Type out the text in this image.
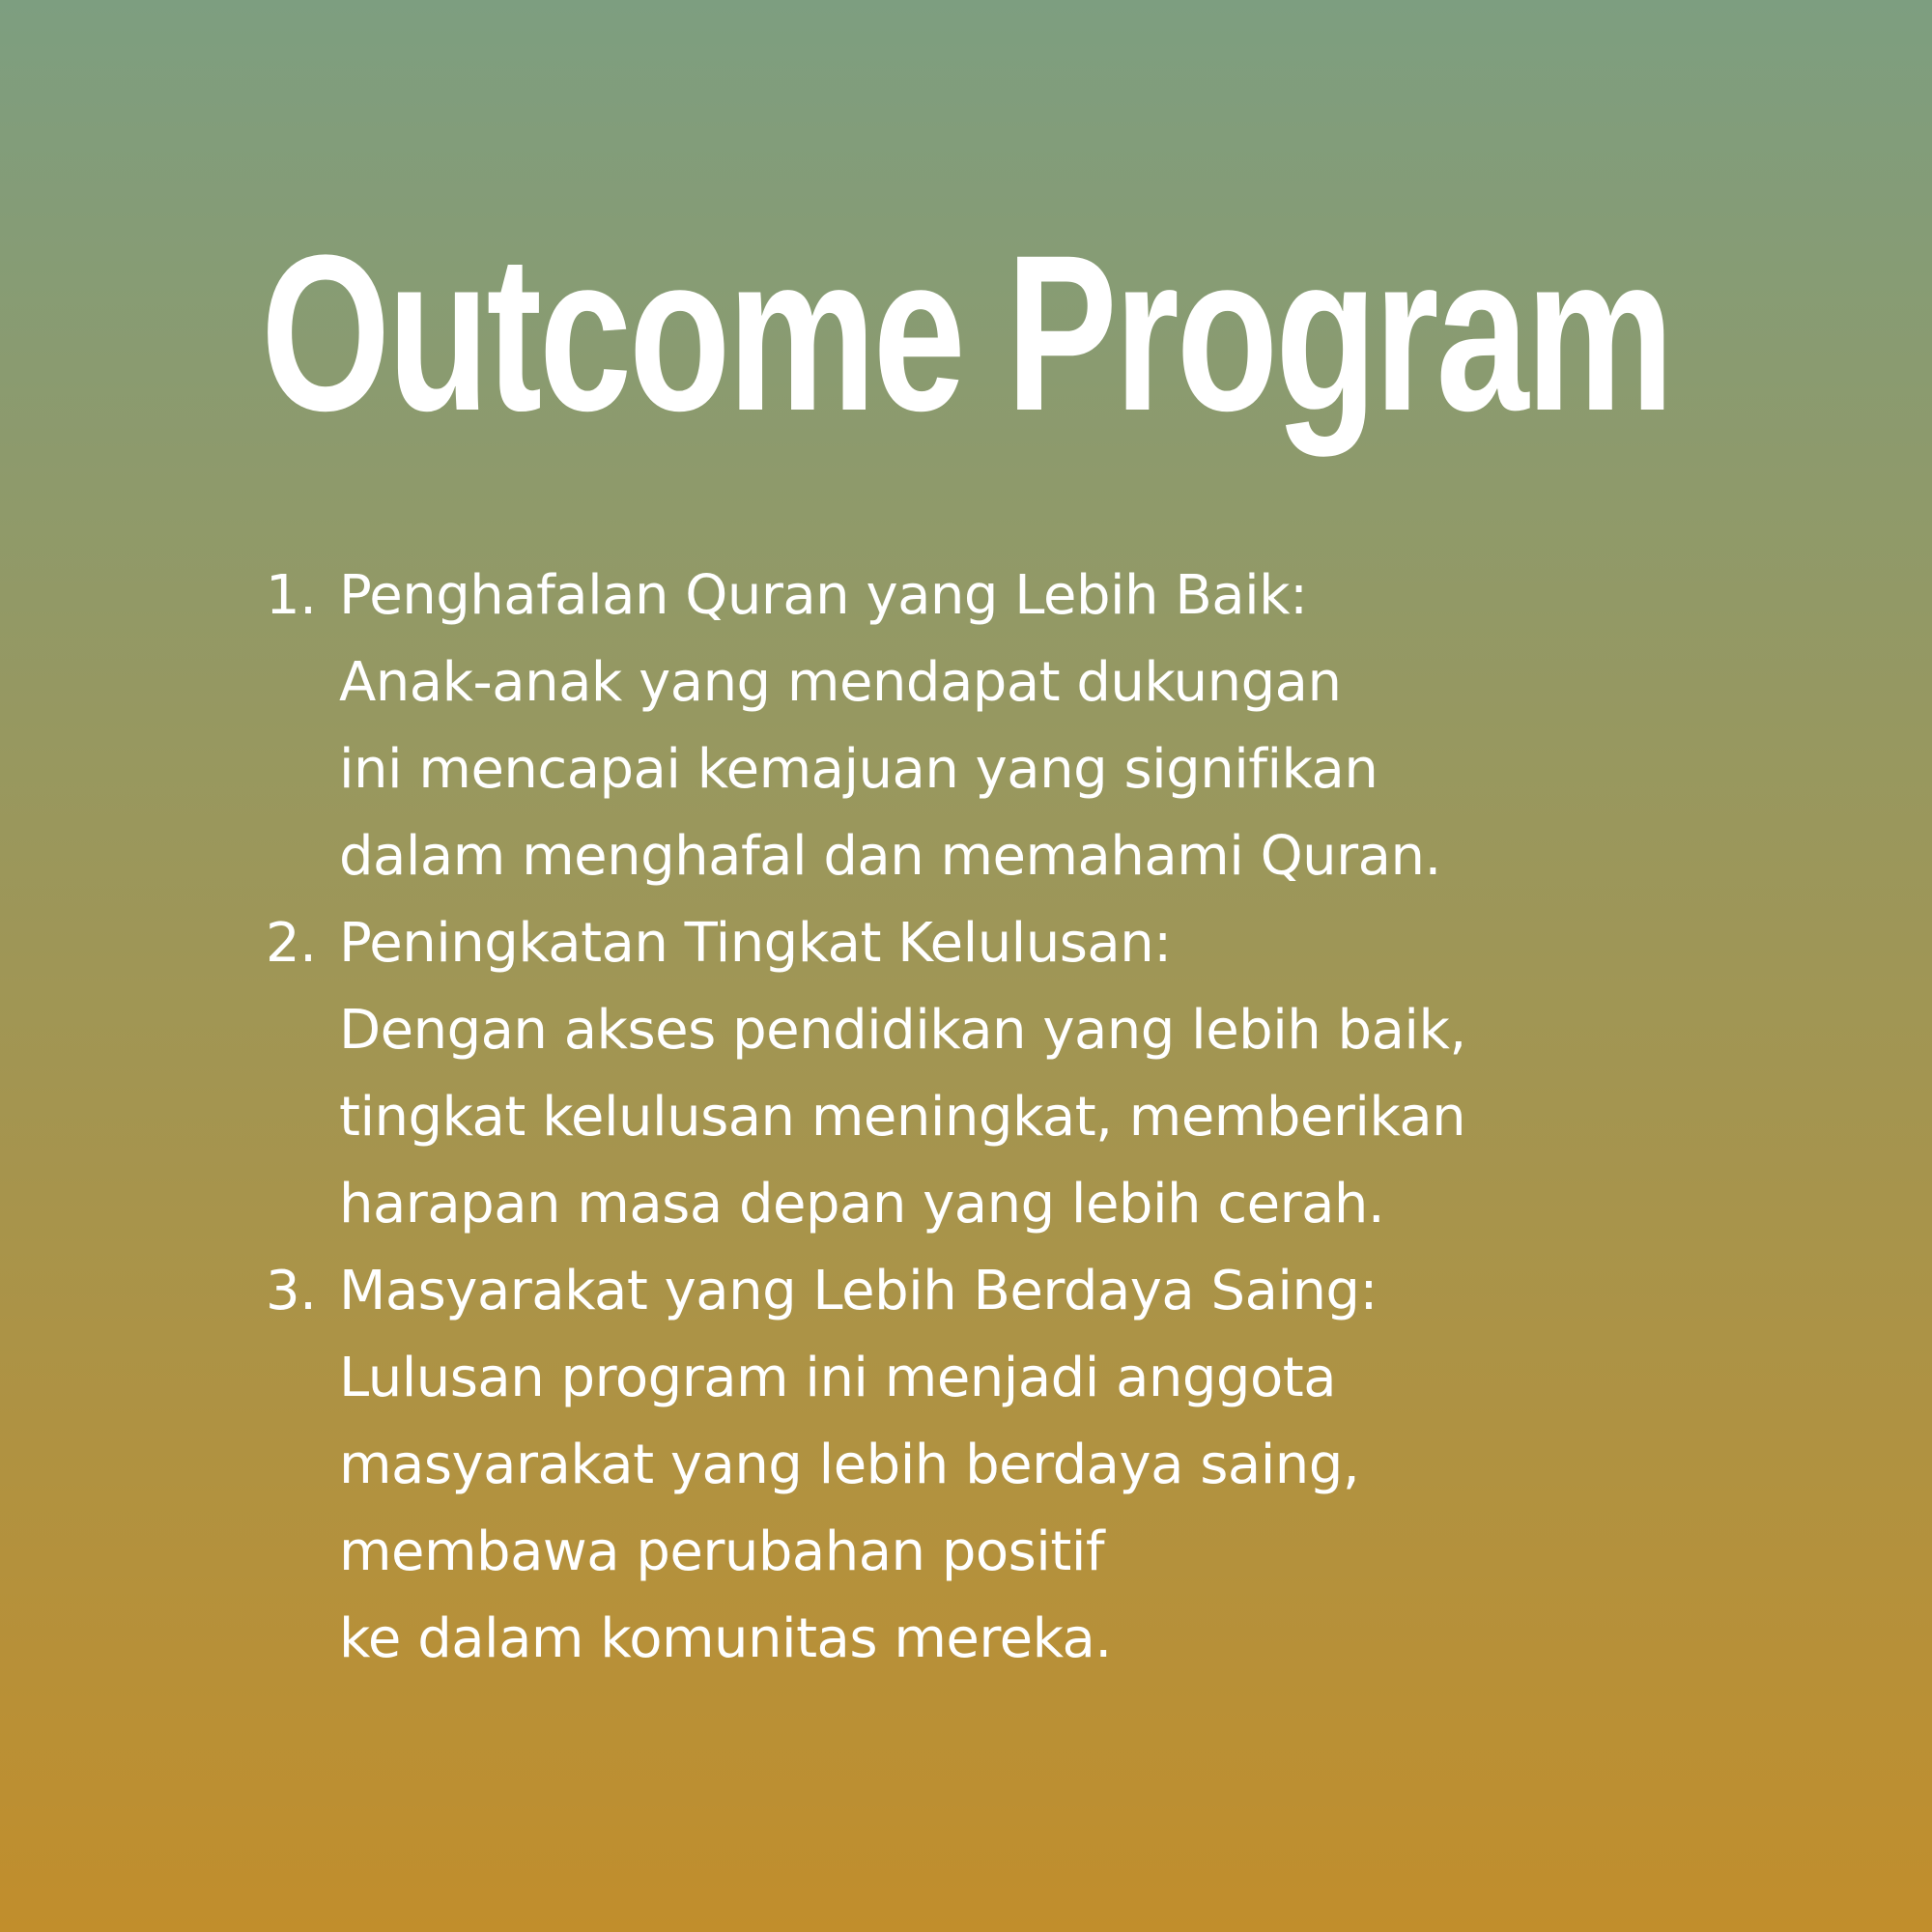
Outcome Program
1. Penghafalan Quran yang Lebih Baik:
Anak-anak yang mendapat dukungan
ini mencapai kemajuan yang signifikan
dalam menghafal dan memahami Quran.
2. Peningkatan Tingkat Kelulusan:
Dengan akses pendidikan yang lebih baik,
tingkat kelulusan meningkat, memberikan
harapan masa depan yang lebih cerah.
3. Masyarakat yang Lebih Berdaya Saing:
Lulusan program ini menjadi anggota
masyarakat yang lebih berdaya saing,
membawa perubahan positif
ke dalam komunitas mereka.
